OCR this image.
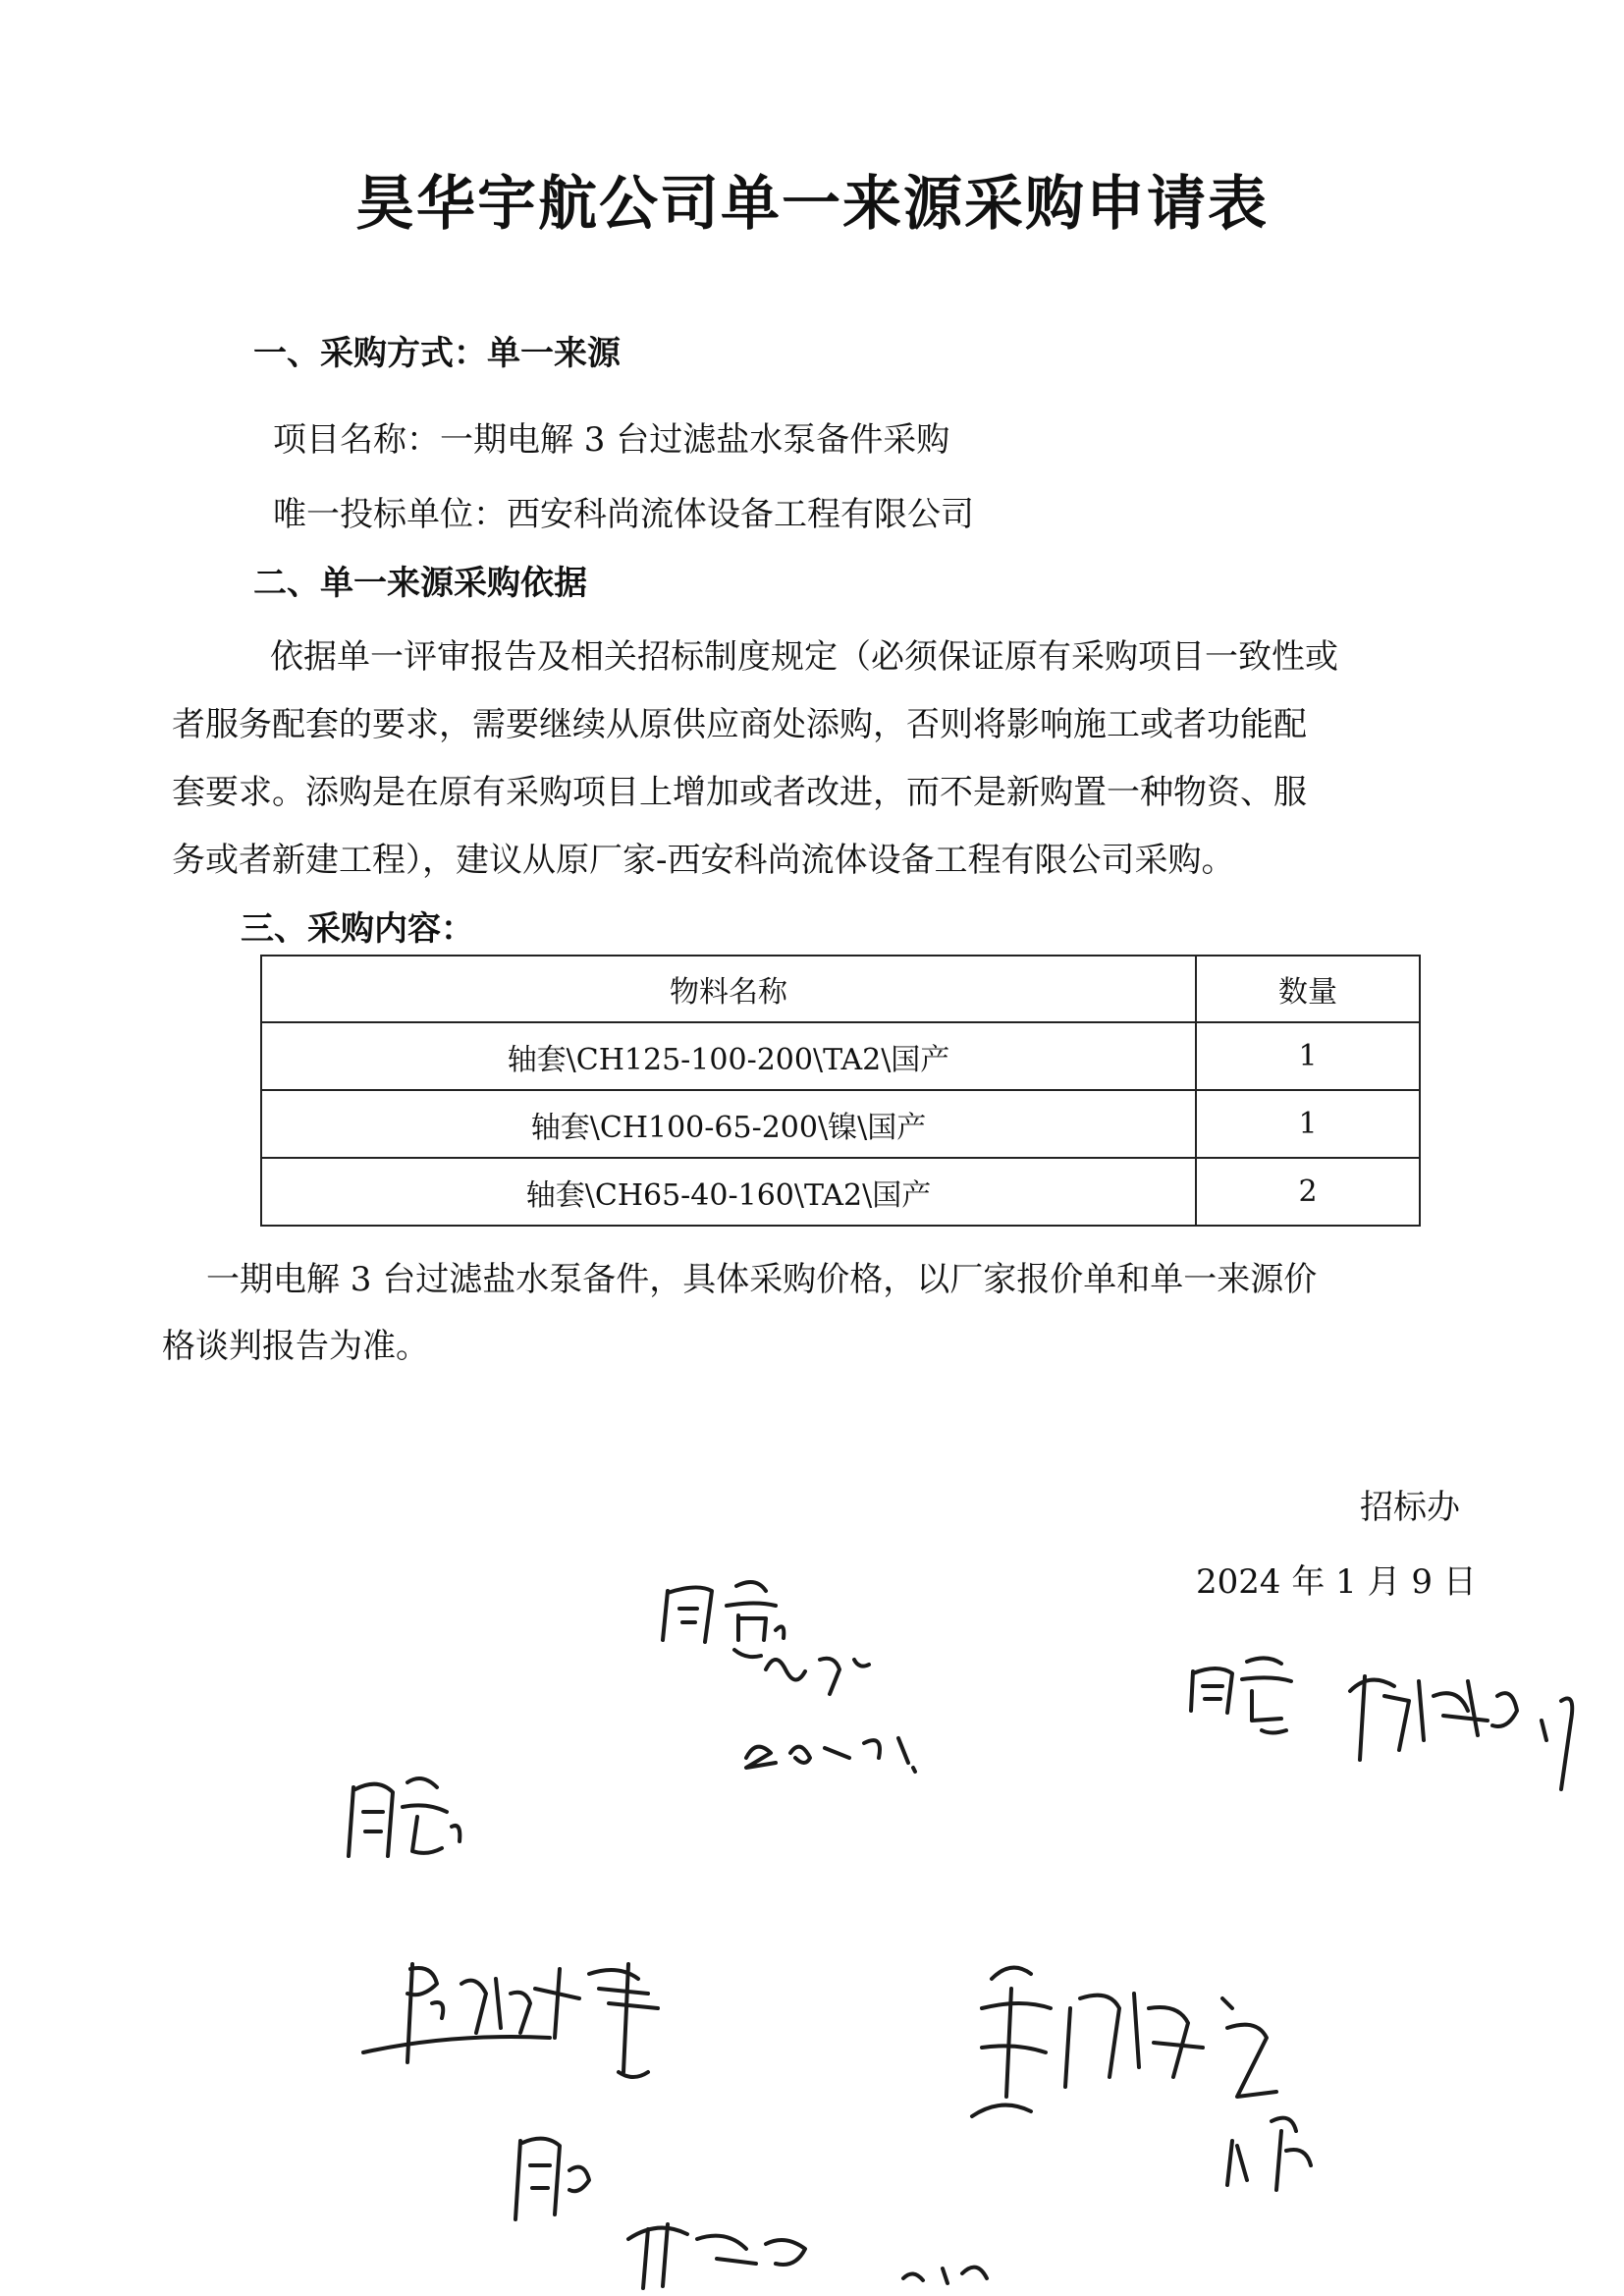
昊华宇航公司单一来源采购申请表
一、采购方式：单一来源
项目名称：一期电解 3 台过滤盐水泵备件采购
唯一投标单位：西安科尚流体设备工程有限公司
二、单一来源采购依据
依据单一评审报告及相关招标制度规定（必须保证原有采购项目一致性或
者服务配套的要求，需要继续从原供应商处添购，否则将影响施工或者功能配
套要求。添购是在原有采购项目上增加或者改进，而不是新购置一种物资、服
务或者新建工程），建议从原厂家-西安科尚流体设备工程有限公司采购。
三、采购内容：
物料名称	数量
轴套\CH125-100-200\TA2\国产	1
轴套\CH100-65-200\镍\国产	1
轴套\CH65-40-160\TA2\国产	2
一期电解 3 台过滤盐水泵备件，具体采购价格，以厂家报价单和单一来源价
格谈判报告为准。
招标办
2024 年 1 月 9 日
